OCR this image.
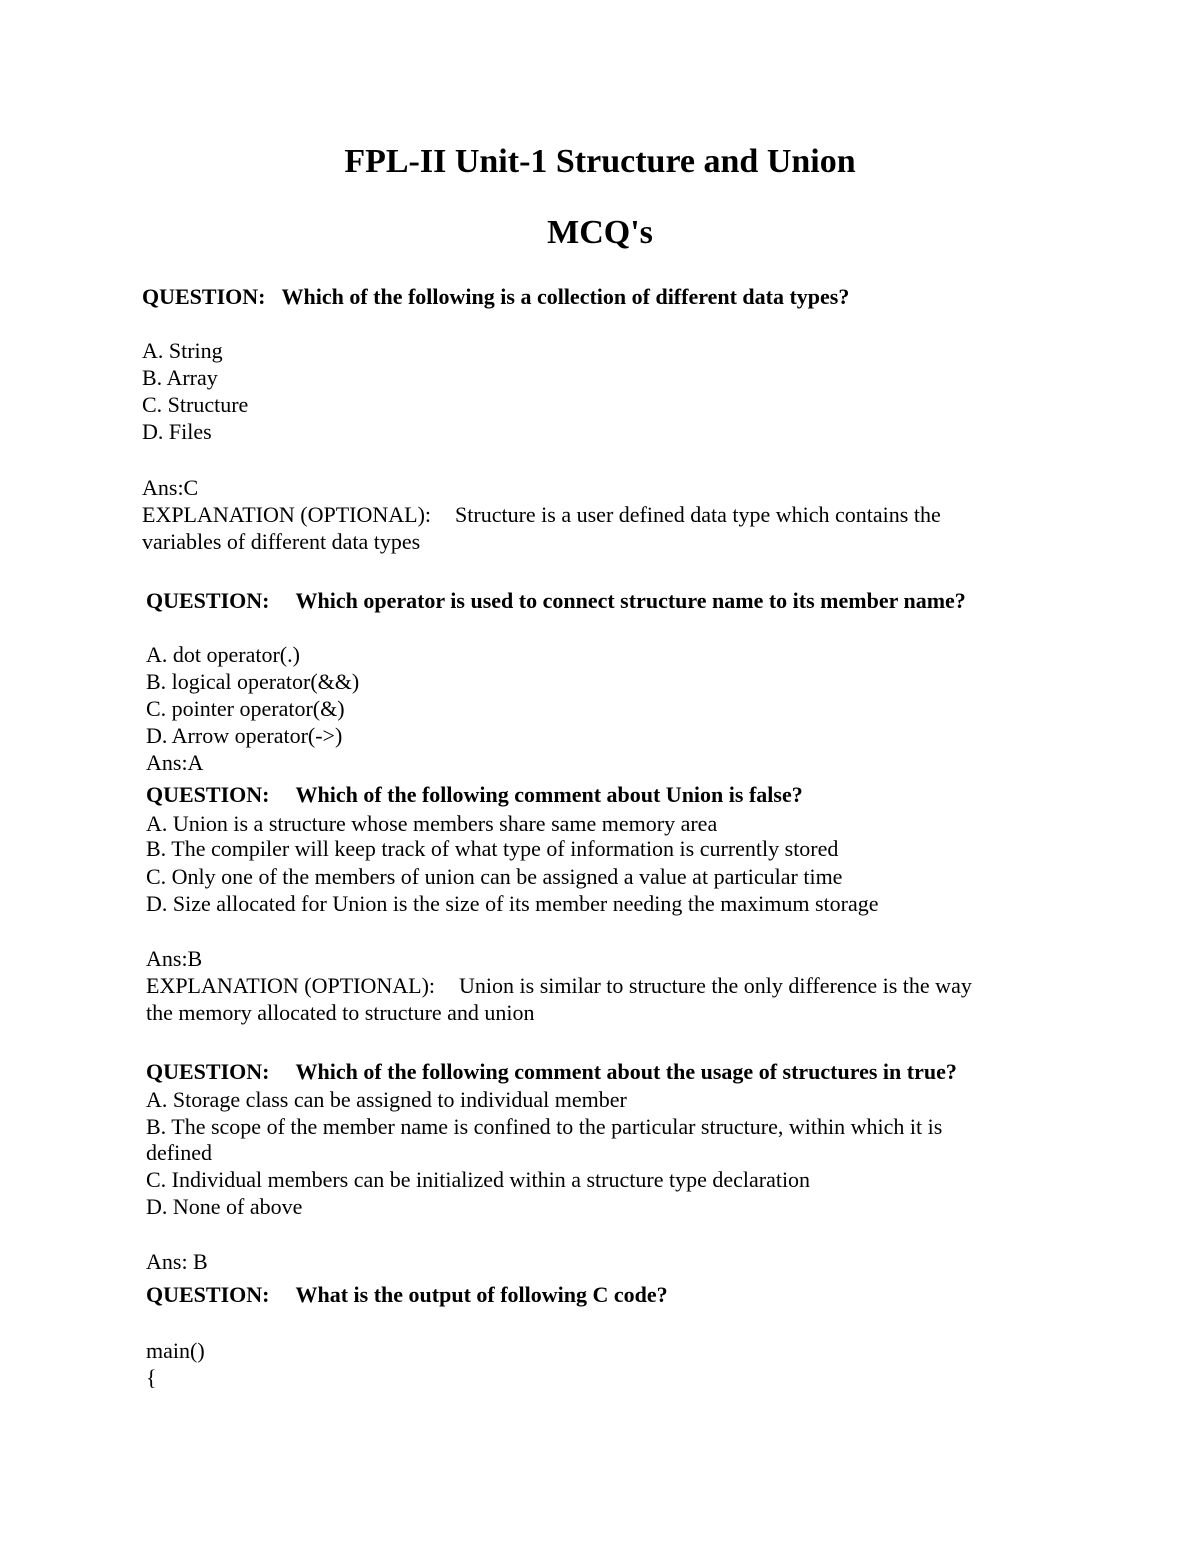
FPL-II Unit-1 Structure and Union
MCQ's
QUESTION: Which of the following is a collection of different data types?
A. String
B. Array
C. Structure
D. Files
Ans:C
EXPLANATION (OPTIONAL): Structure is a user defined data type which contains the
variables of different data types
QUESTION: Which operator is used to connect structure name to its member name?
A. dot operator(.)
B. logical operator(&&)
C. pointer operator(&)
D. Arrow operator(->)
Ans:A
QUESTION: Which of the following comment about Union is false?
A. Union is a structure whose members share same memory area
B. The compiler will keep track of what type of information is currently stored
C. Only one of the members of union can be assigned a value at particular time
D. Size allocated for Union is the size of its member needing the maximum storage
Ans:B
EXPLANATION (OPTIONAL): Union is similar to structure the only difference is the way
the memory allocated to structure and union
QUESTION: Which of the following comment about the usage of structures in true?
A. Storage class can be assigned to individual member
B. The scope of the member name is confined to the particular structure, within which it is
defined
C. Individual members can be initialized within a structure type declaration
D. None of above
Ans: B
QUESTION: What is the output of following C code?
main()
{
